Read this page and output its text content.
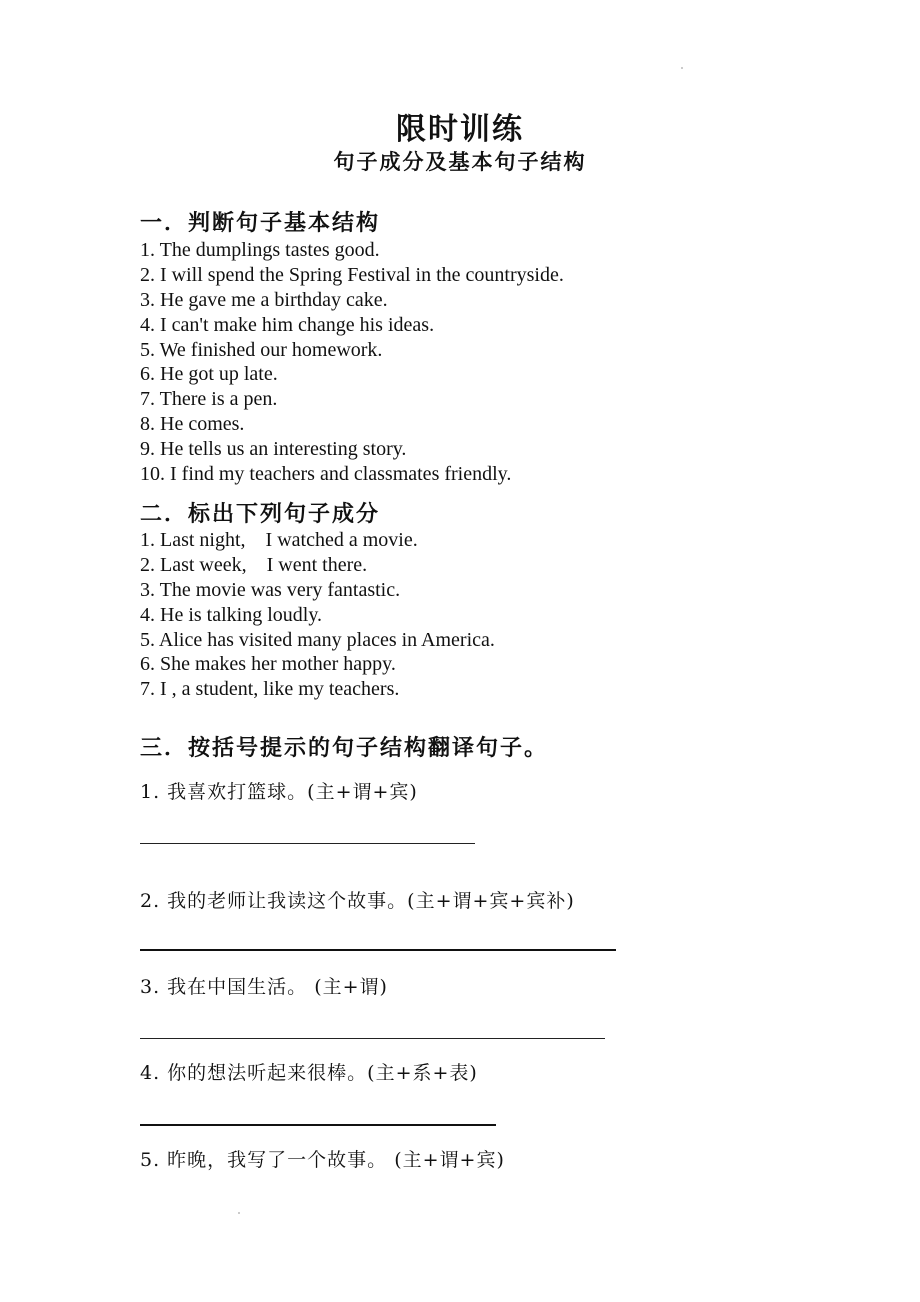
限时训练
句子成分及基本句子结构
一．判断句子基本结构
1. The dumplings tastes good.
2. I will spend the Spring Festival in the countryside.
3. He gave me a birthday cake.
4. I can't make him change his ideas.
5. We finished our homework.
6. He got up late.
7. There is a pen.
8. He comes.
9. He tells us an interesting story.
10. I find my teachers and classmates friendly.
二．标出下列句子成分
1. Last night,    I watched a movie.
2. Last week,    I went there.
3. The movie was very fantastic.
4. He is talking loudly.
5. Alice has visited many places in America.
6. She makes her mother happy.
7. I , a student, like my teachers.
三．按括号提示的句子结构翻译句子。

1. 我喜欢打篮球。(主+谓+宾)

2. 我的老师让我读这个故事。(主+谓+宾+宾补)

3. 我在中国生活。 (主+谓)

4. 你的想法听起来很棒。(主+系+表)

5. 昨晚，我写了一个故事。 (主+谓+宾)
